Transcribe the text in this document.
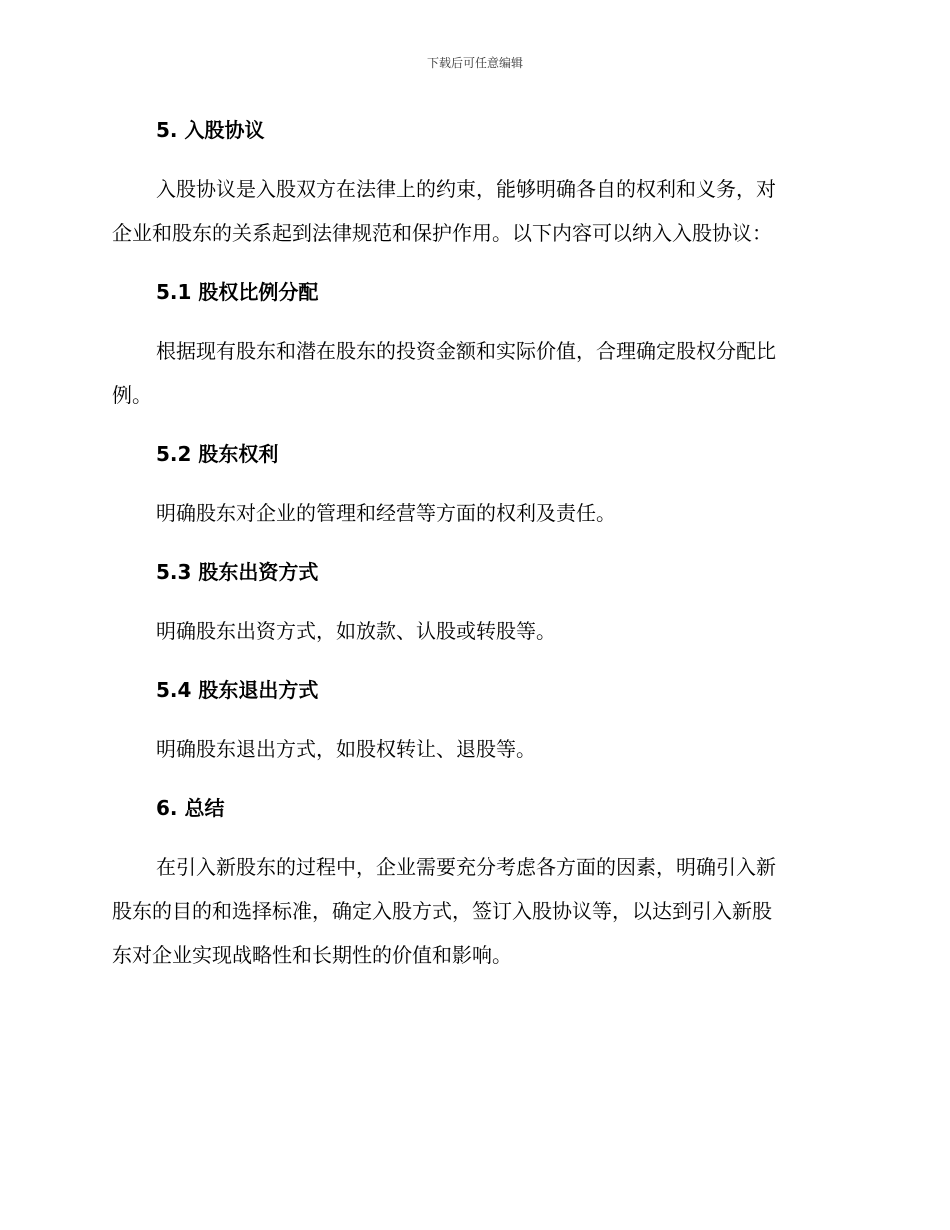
下载后可任意编辑
5. 入股协议
入股协议是入股双方在法律上的约束，能够明确各自的权利和义务，对
企业和股东的关系起到法律规范和保护作用。以下内容可以纳入入股协议：
5.1 股权比例分配
根据现有股东和潜在股东的投资金额和实际价值，合理确定股权分配比
例。
5.2 股东权利
明确股东对企业的管理和经营等方面的权利及责任。
5.3 股东出资方式
明确股东出资方式，如放款、认股或转股等。
5.4 股东退出方式
明确股东退出方式，如股权转让、退股等。
6. 总结
在引入新股东的过程中，企业需要充分考虑各方面的因素，明确引入新
股东的目的和选择标准，确定入股方式，签订入股协议等，以达到引入新股
东对企业实现战略性和长期性的价值和影响。
